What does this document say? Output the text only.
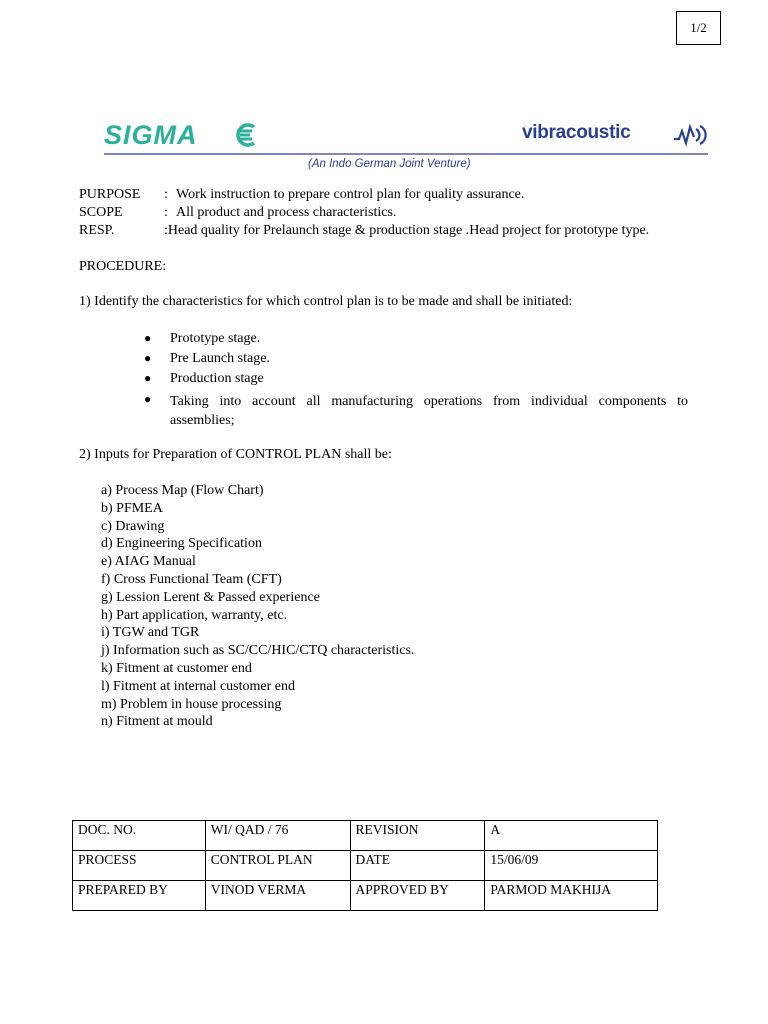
1/2
SIGMA	vibracoustic
(An Indo German Joint Venture)
PURPOSE : Work instruction to prepare control plan for quality assurance.
SCOPE	: All product and process characteristics.
RESP.	:Head quality for Prelaunch stage & production stage .Head project for prototype type.
PROCEDURE:
1) Identify the characteristics for which control plan is to be made and shall be initiated:
● Prototype stage.
● Pre Launch stage.
● Production stage
● Taking into account all manufacturing operations from individual components to assemblies;
2) Inputs for Preparation of CONTROL PLAN shall be:
a) Process Map (Flow Chart)
b) PFMEA
c) Drawing
d) Engineering Specification
e) AIAG Manual
f) Cross Functional Team (CFT)
g) Lession Lerent & Passed experience
h) Part application, warranty, etc.
i) TGW and TGR
j) Information such as SC/CC/HIC/CTQ characteristics.
k) Fitment at customer end
l) Fitment at internal customer end
m) Problem in house processing
n) Fitment at mould
DOC. NO.	WI/ QAD / 76	REVISION	A
PROCESS	CONTROL PLAN	DATE	15/06/09
PREPARED BY	VINOD VERMA	APPROVED BY	PARMOD MAKHIJA
